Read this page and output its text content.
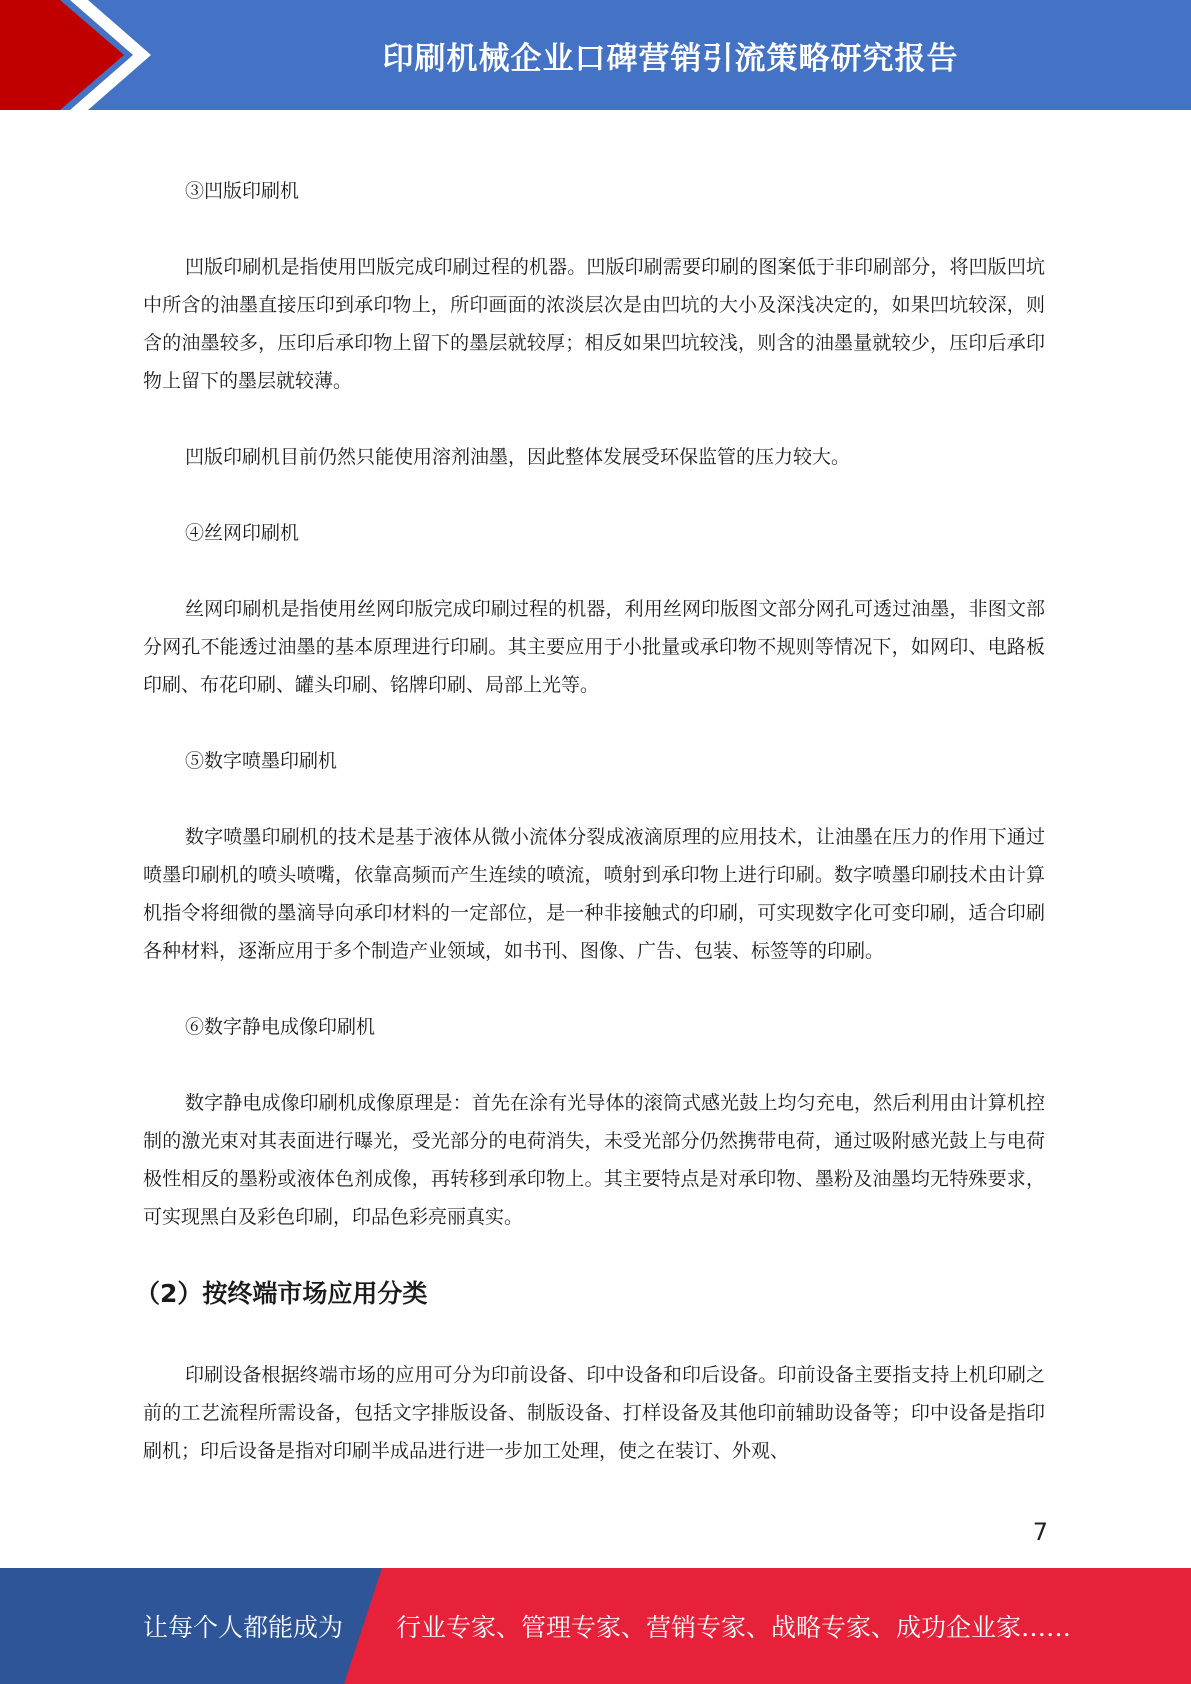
印刷机械企业口碑营销引流策略研究报告

③凹版印刷机

凹版印刷机是指使用凹版完成印刷过程的机器。凹版印刷需要印刷的图案低于非印刷部分，将凹版凹坑中所含的油墨直接压印到承印物上，所印画面的浓淡层次是由凹坑的大小及深浅决定的，如果凹坑较深，则含的油墨较多，压印后承印物上留下的墨层就较厚；相反如果凹坑较浅，则含的油墨量就较少，压印后承印物上留下的墨层就较薄。

凹版印刷机目前仍然只能使用溶剂油墨，因此整体发展受环保监管的压力较大。

④丝网印刷机

丝网印刷机是指使用丝网印版完成印刷过程的机器，利用丝网印版图文部分网孔可透过油墨，非图文部分网孔不能透过油墨的基本原理进行印刷。其主要应用于小批量或承印物不规则等情况下，如网印、电路板印刷、布花印刷、罐头印刷、铭牌印刷、局部上光等。

⑤数字喷墨印刷机

数字喷墨印刷机的技术是基于液体从微小流体分裂成液滴原理的应用技术，让油墨在压力的作用下通过喷墨印刷机的喷头喷嘴，依靠高频而产生连续的喷流，喷射到承印物上进行印刷。数字喷墨印刷技术由计算机指令将细微的墨滴导向承印材料的一定部位，是一种非接触式的印刷，可实现数字化可变印刷，适合印刷各种材料，逐渐应用于多个制造产业领域，如书刊、图像、广告、包装、标签等的印刷。

⑥数字静电成像印刷机

数字静电成像印刷机成像原理是：首先在涂有光导体的滚筒式感光鼓上均匀充电，然后利用由计算机控制的激光束对其表面进行曝光，受光部分的电荷消失，未受光部分仍然携带电荷，通过吸附感光鼓上与电荷极性相反的墨粉或液体色剂成像，再转移到承印物上。其主要特点是对承印物、墨粉及油墨均无特殊要求，可实现黑白及彩色印刷，印品色彩亮丽真实。

（2）按终端市场应用分类

印刷设备根据终端市场的应用可分为印前设备、印中设备和印后设备。印前设备主要指支持上机印刷之前的工艺流程所需设备，包括文字排版设备、制版设备、打样设备及其他印前辅助设备等；印中设备是指印刷机；印后设备是指对印刷半成品进行进一步加工处理，使之在装订、外观、

7
让每个人都能成为 行业专家、管理专家、营销专家、战略专家、成功企业家……
